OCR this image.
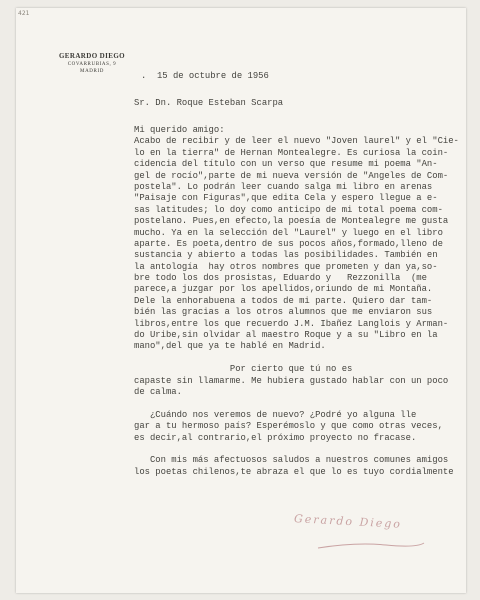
421
GERARDO DIEGO
COVARRUBIAS, 9
MADRID	.  15 de octubre de 1956
Sr. Dn. Roque Esteban Scarpa
Mi querido amigo:
Acabo de recibir y de leer el nuevo "Joven laurel" y el "Cie-
lo en la tierra" de Hernan Montealegre. Es curiosa la coin-
cidencia del título con un verso que resume mi poema "An-
gel de rocío",parte de mi nueva versión de "Angeles de Com-
postela". Lo podrán leer cuando salga mi libro en arenas
"Paisaje con Figuras",que edita Cela y espero llegue a e-
sas latitudes; lo doy como anticipo de mi total poema com-
postelano. Pues,en efecto,la poesía de Montealegre me gusta
mucho. Ya en la selección del "Laurel" y luego en el libro
aparte. Es poeta,dentro de sus pocos años,formado,lleno de
sustancia y abierto a todas las posibilidades. También en
la antología  hay otros nombres que prometen y dan ya,so-
bre todo los dos prosistas, Eduardo y   Rezzonilla  (me
parece,a juzgar por los apellidos,oriundo de mi Montaña.
Dele la enhorabuena a todos de mi parte. Quiero dar tam-
bién las gracias a los otros alumnos que me enviaron sus
libros,entre los que recuerdo J.M. Ibañez Langlois y Arman-
do Uribe,sin olvidar al maestro Roque y a su "Libro en la
mano",del que ya te hablé en Madrid.
Por cierto que tú no es
capaste sin llamarme. Me hubiera gustado hablar con un poco
de calma.
¿Cuándo nos veremos de nuevo? ¿Podré yo alguna lle
gar a tu hermoso país? Esperémoslo y que como otras veces,
es decir,al contrario,el próximo proyecto no fracase.
Con mis más afectuosos saludos a nuestros comunes amigos
los poetas chilenos,te abraza el que lo es tuyo cordialmente
Gerardo Diego
